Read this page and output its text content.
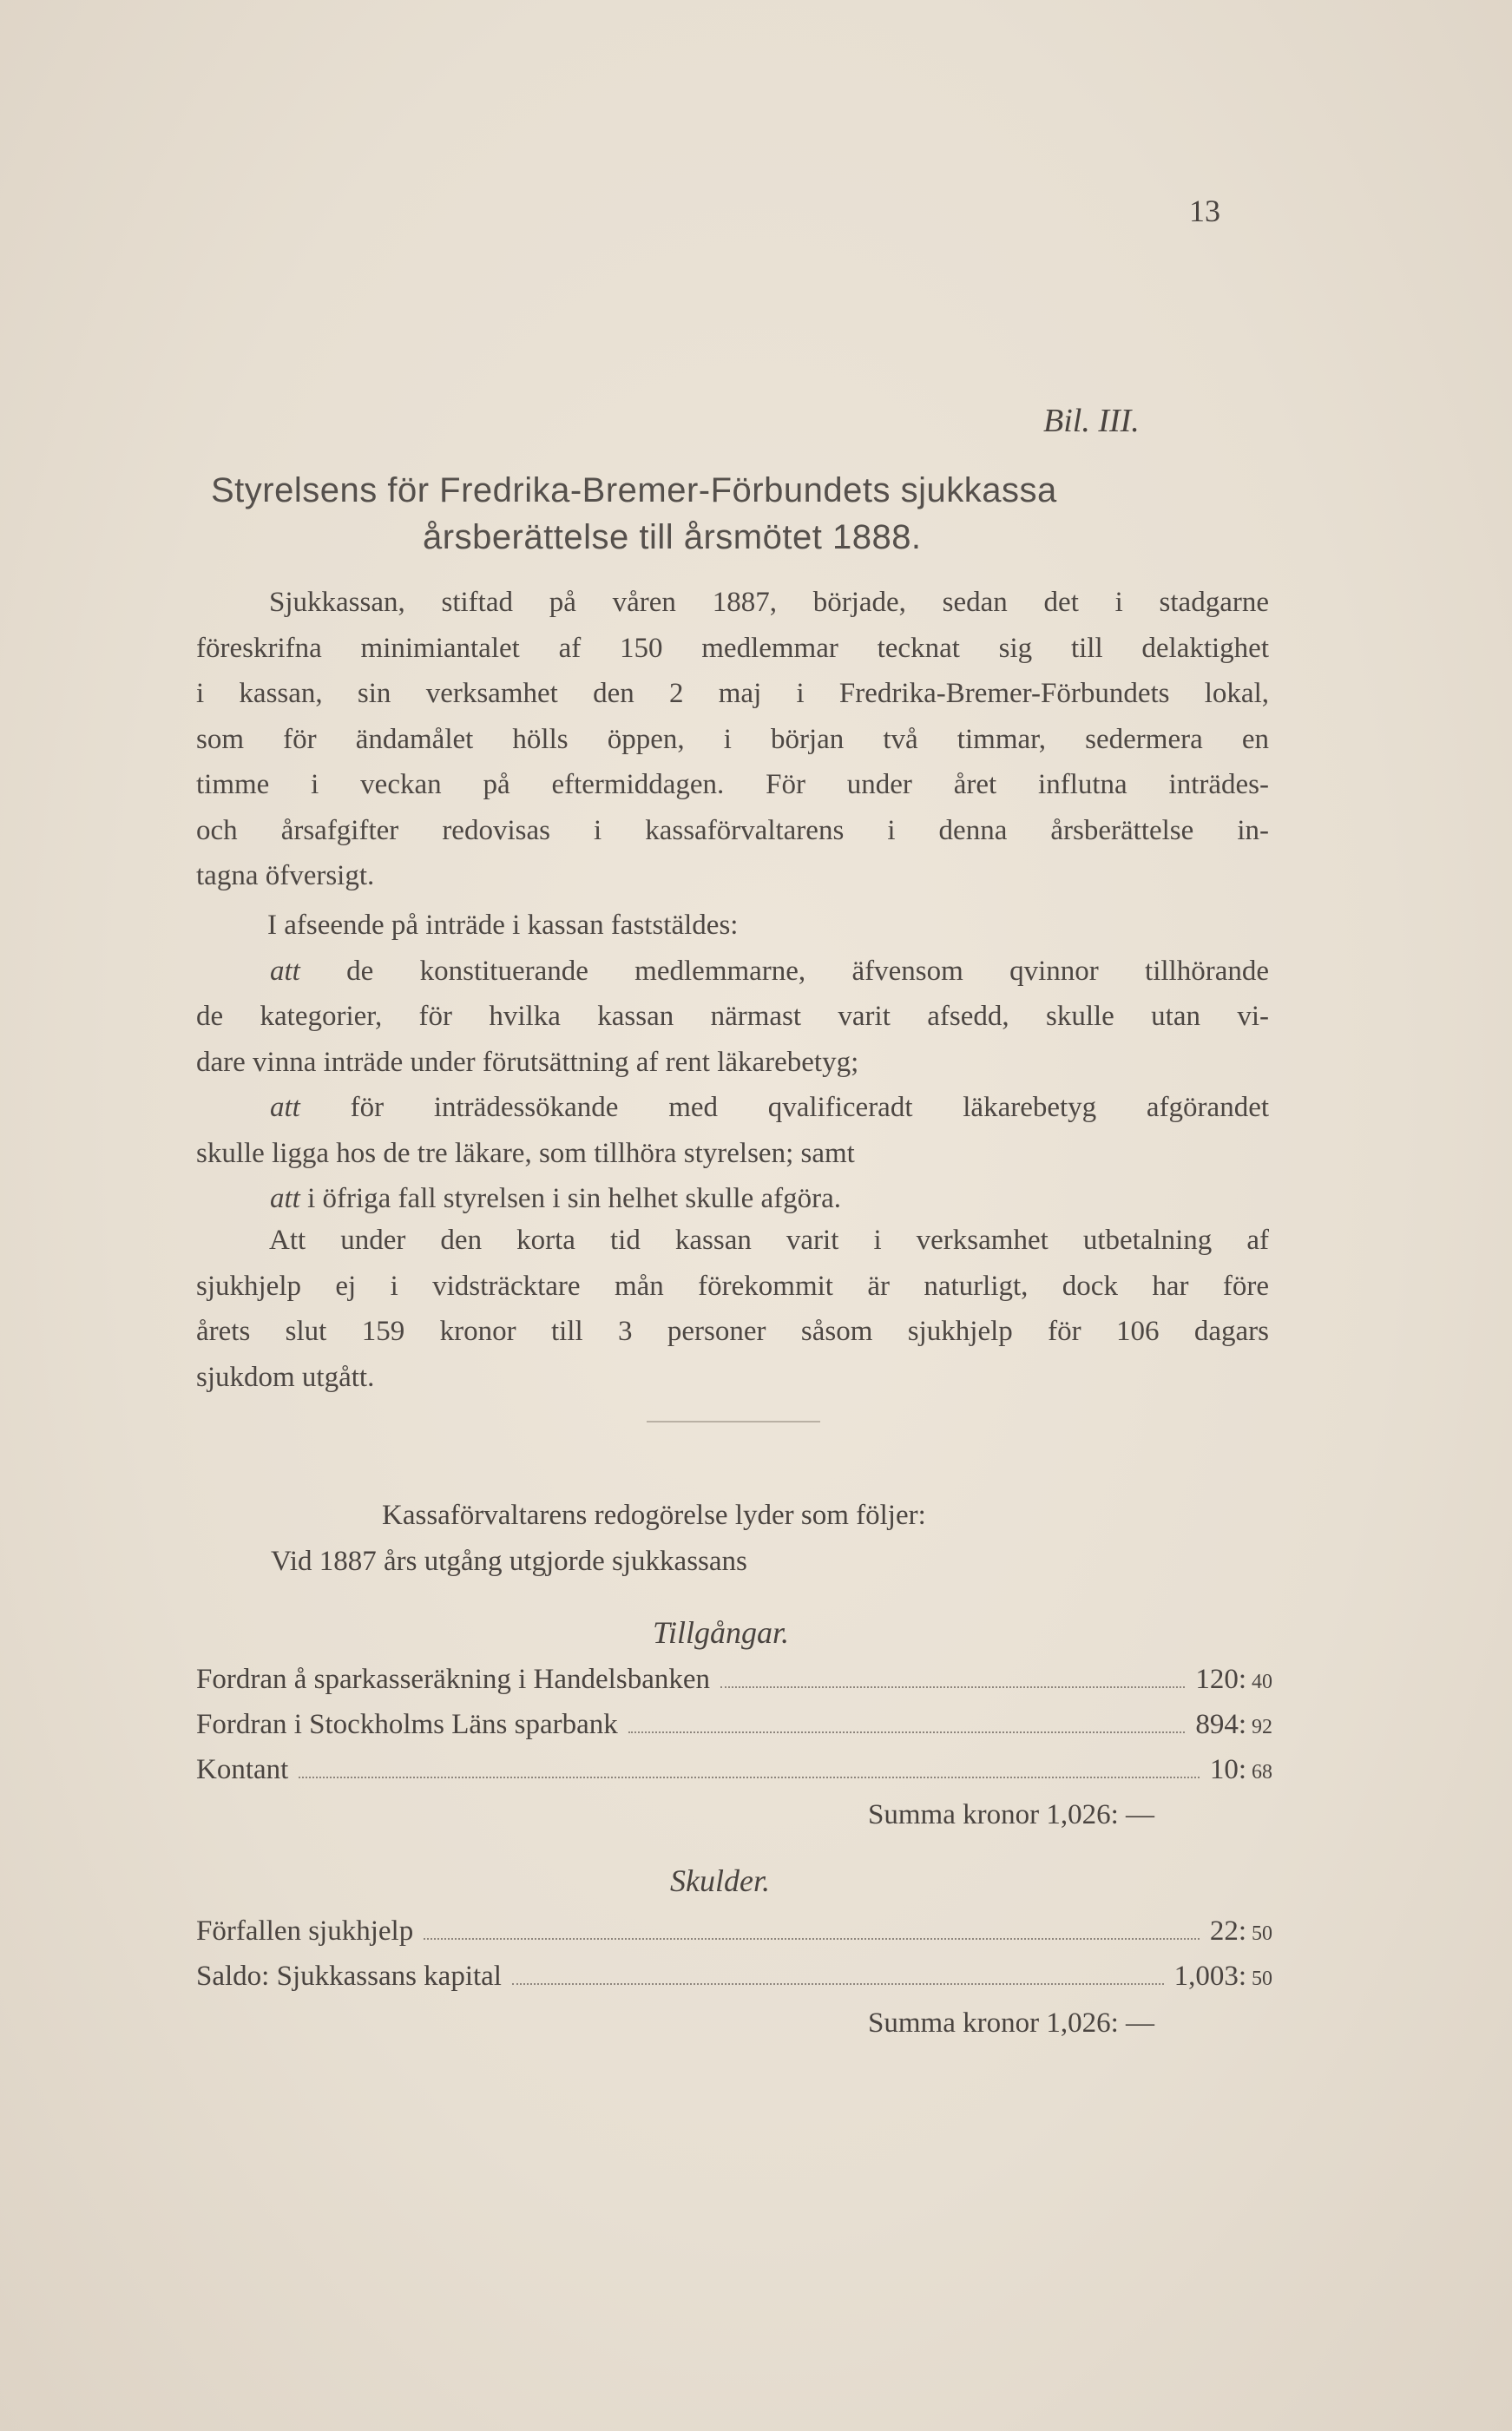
13
Bil. III.
Styrelsens för Fredrika-Bremer-Förbundets sjukkassa
årsberättelse till årsmötet 1888.
Sjukkassan, stiftad på våren 1887, började, sedan det i stadgarne
föreskrifna minimiantalet af 150 medlemmar tecknat sig till delaktighet
i kassan, sin verksamhet den 2 maj i Fredrika-Bremer-Förbundets lokal,
som för ändamålet hölls öppen, i början två timmar, sedermera en
timme i veckan på eftermiddagen. För under året influtna inträdes-
och årsafgifter redovisas i kassaförvaltarens i denna årsberättelse in-
tagna öfversigt.
I afseende på inträde i kassan faststäldes:
att de konstituerande medlemmarne, äfvensom qvinnor tillhörande
de kategorier, för hvilka kassan närmast varit afsedd, skulle utan vi-
dare vinna inträde under förutsättning af rent läkarebetyg;
att för inträdessökande med qvalificeradt läkarebetyg afgörandet
skulle ligga hos de tre läkare, som tillhöra styrelsen; samt
att i öfriga fall styrelsen i sin helhet skulle afgöra.
Att under den korta tid kassan varit i verksamhet utbetalning af
sjukhjelp ej i vidsträcktare mån förekommit är naturligt, dock har före
årets slut 159 kronor till 3 personer såsom sjukhjelp för 106 dagars
sjukdom utgått.
Kassaförvaltarens redogörelse lyder som följer:
Vid 1887 års utgång utgjorde sjukkassans
Tillgångar.
Fordran å sparkasseräkning i Handelsbanken	120: 40
Fordran i Stockholms Läns sparbank	894: 92
Kontant	10: 68
Summa kronor 1,026: —
Skulder.
Förfallen sjukhjelp	22: 50
Saldo: Sjukkassans kapital	1,003: 50
Summa kronor 1,026: —
